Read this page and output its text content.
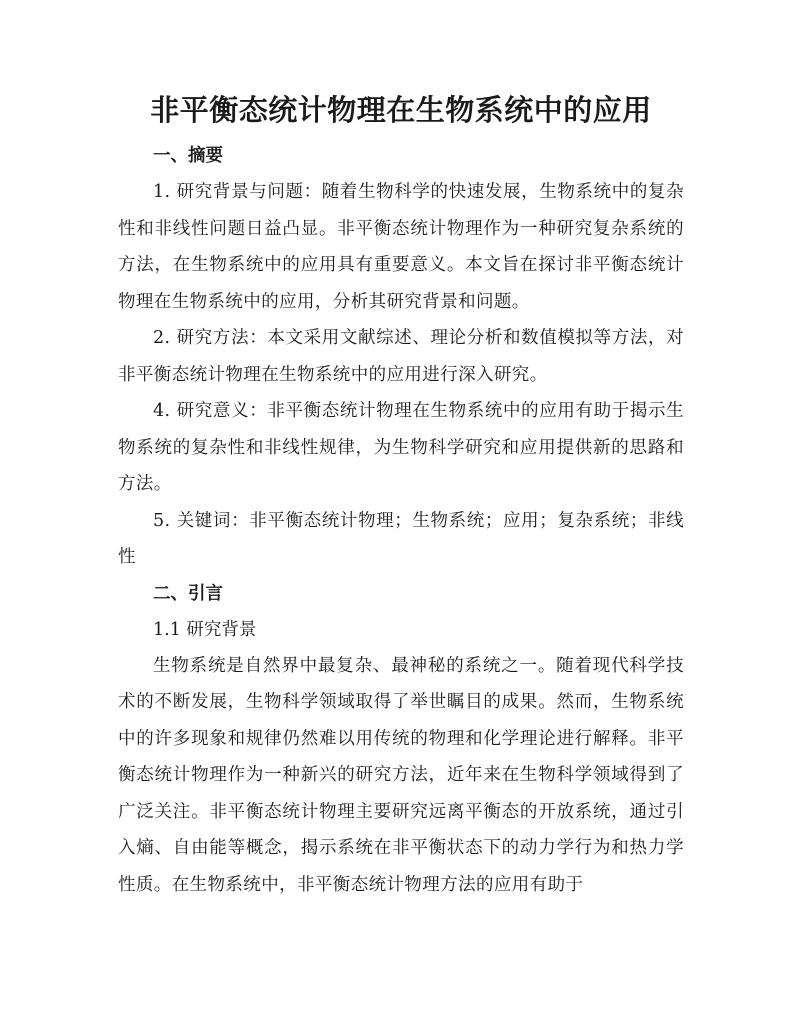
非平衡态统计物理在生物系统中的应用

一、摘要

1. 研究背景与问题：随着生物科学的快速发展，生物系统中的复杂性和非线性问题日益凸显。非平衡态统计物理作为一种研究复杂系统的方法，在生物系统中的应用具有重要意义。本文旨在探讨非平衡态统计物理在生物系统中的应用，分析其研究背景和问题。

2. 研究方法：本文采用文献综述、理论分析和数值模拟等方法，对非平衡态统计物理在生物系统中的应用进行深入研究。

4. 研究意义：非平衡态统计物理在生物系统中的应用有助于揭示生物系统的复杂性和非线性规律，为生物科学研究和应用提供新的思路和方法。

5. 关键词：非平衡态统计物理；生物系统；应用；复杂系统；非线性

二、引言

1.1 研究背景

生物系统是自然界中最复杂、最神秘的系统之一。随着现代科学技术的不断发展，生物科学领域取得了举世瞩目的成果。然而，生物系统中的许多现象和规律仍然难以用传统的物理和化学理论进行解释。非平衡态统计物理作为一种新兴的研究方法，近年来在生物科学领域得到了广泛关注。非平衡态统计物理主要研究远离平衡态的开放系统，通过引入熵、自由能等概念，揭示系统在非平衡状态下的动力学行为和热力学性质。在生物系统中，非平衡态统计物理方法的应用有助于
